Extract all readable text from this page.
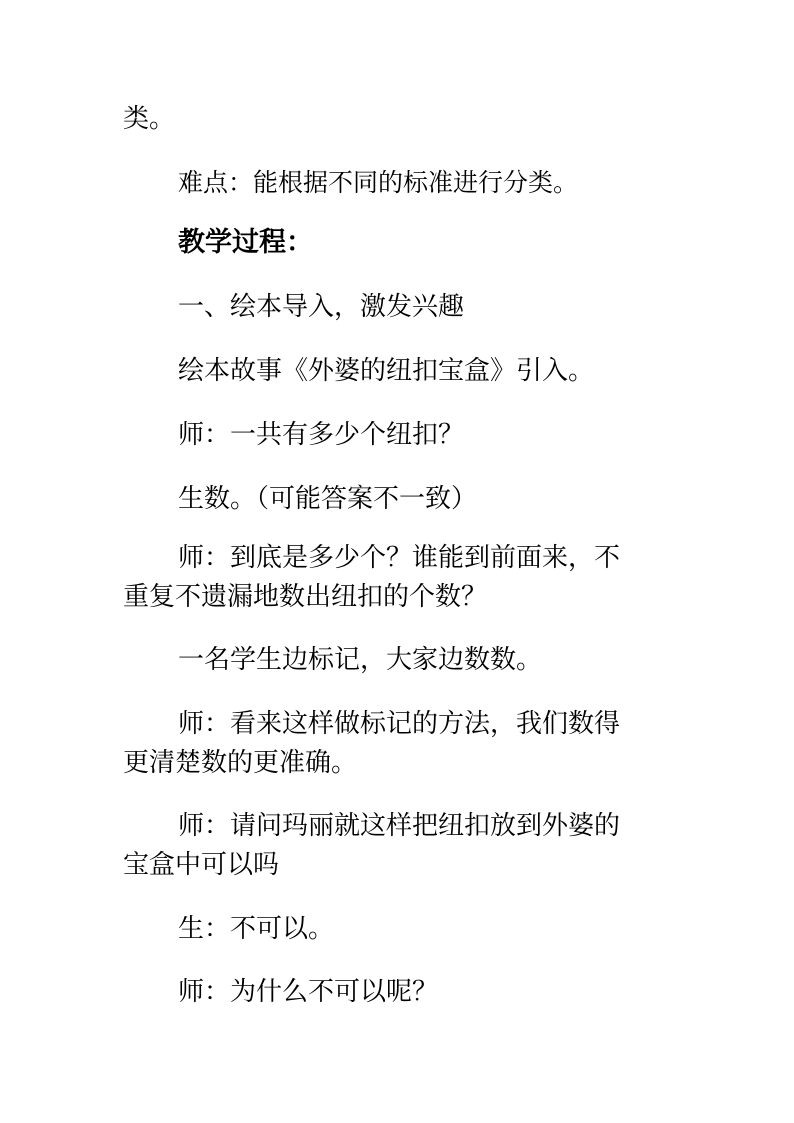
类。
难点：能根据不同的标准进行分类。
教学过程：
一、绘本导入，激发兴趣
绘本故事《外婆的纽扣宝盒》引入。
师：一共有多少个纽扣？
生数。（可能答案不一致）
师：到底是多少个？谁能到前面来，不
重复不遗漏地数出纽扣的个数？
一名学生边标记，大家边数数。
师：看来这样做标记的方法，我们数得
更清楚数的更准确。
师：请问玛丽就这样把纽扣放到外婆的
宝盒中可以吗
生：不可以。
师：为什么不可以呢？
